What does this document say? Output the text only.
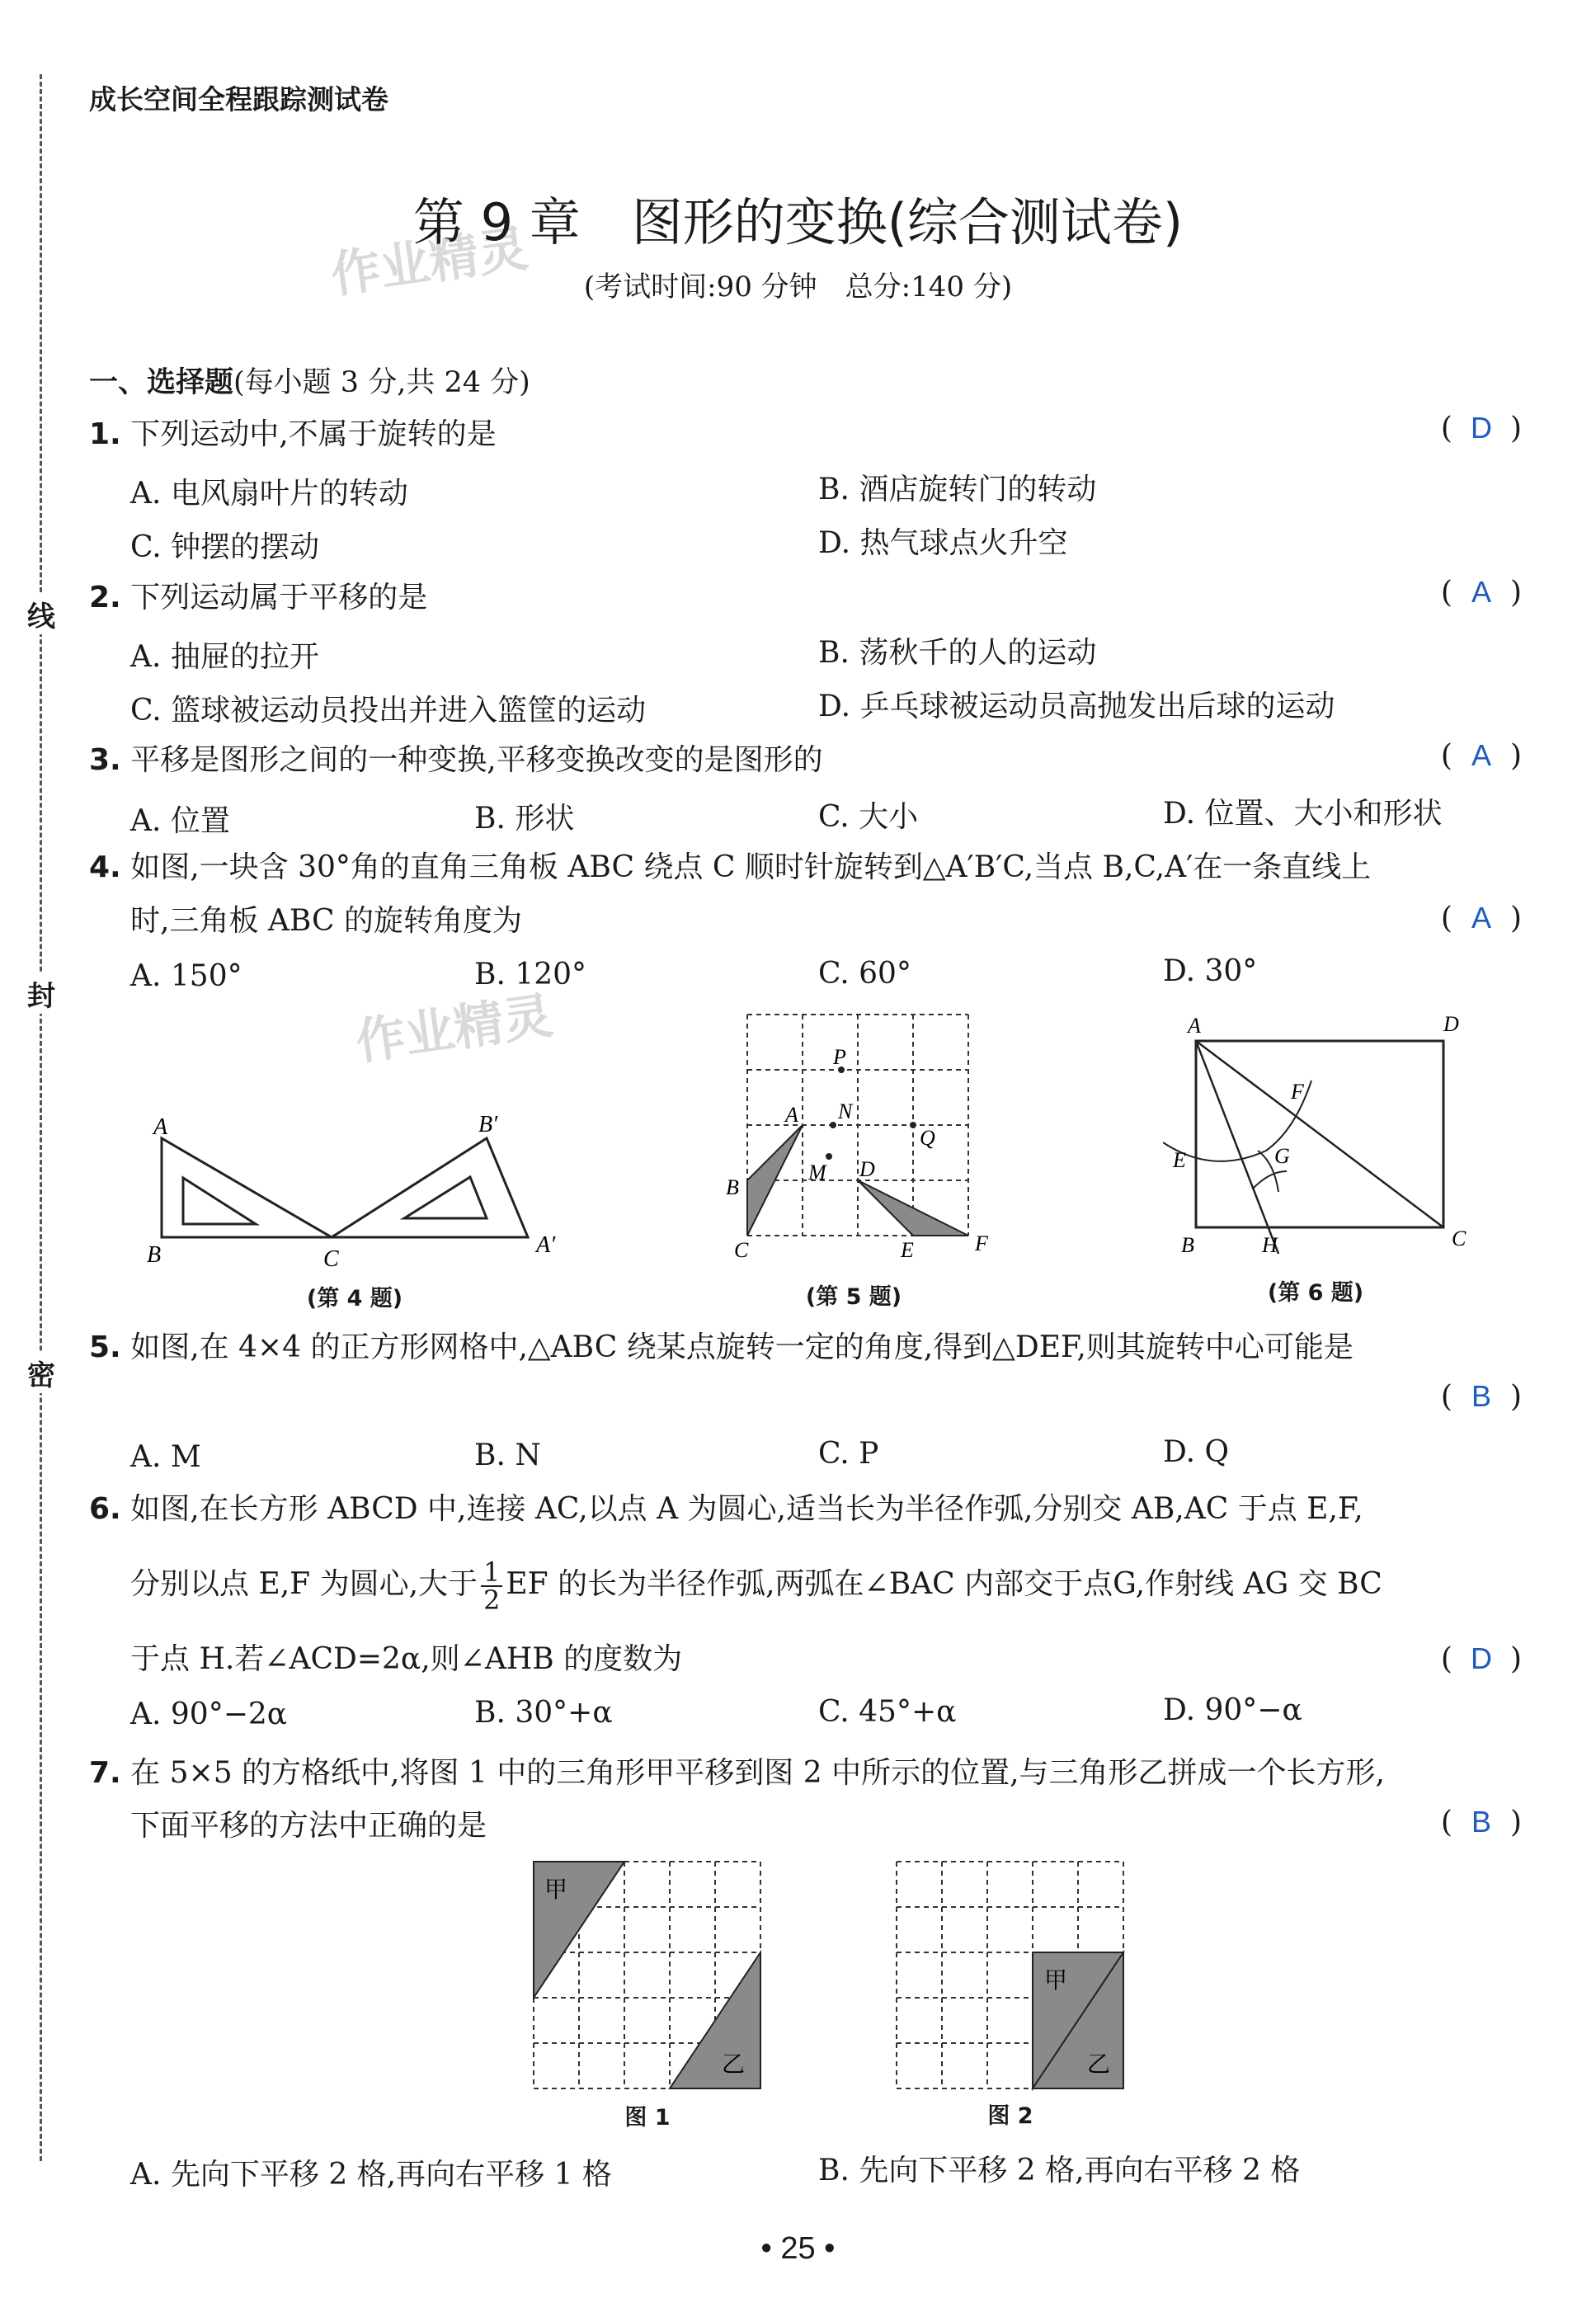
线
封
密
成长空间全程跟踪测试卷
作业精灵
作业精灵
第 9 章　图形的变换(综合测试卷)
(考试时间:90 分钟　总分:140 分)
一、选择题(每小题 3 分,共 24 分)
1. 下列运动中,不属于旋转的是	( D )
A. 电风扇叶片的转动	B. 酒店旋转门的转动
C. 钟摆的摆动	D. 热气球点火升空
2. 下列运动属于平移的是	( A )
A. 抽屉的拉开	B. 荡秋千的人的运动
C. 篮球被运动员投出并进入篮筐的运动	D. 乒乓球被运动员高抛发出后球的运动
3. 平移是图形之间的一种变换,平移变换改变的是图形的	( A )
A. 位置	B. 形状	C. 大小	D. 位置、大小和形状
4. 如图,一块含 30°角的直角三角板 ABC 绕点 C 顺时针旋转到△A′B′C,当点 B,C,A′在一条直线上
时,三角板 ABC 的旋转角度为	( A )
A. 150°	B. 120°	C. 60°	D. 30°
A
B	C
B′
A′
(第 4 题)
P
A N
Q
B
M D
C	E	F
(第 5 题)
A	D
F
E	G
B	H	C
(第 6 题)
5. 如图,在 4×4 的正方形网格中,△ABC 绕某点旋转一定的角度,得到△DEF,则其旋转中心可能是
( B )
A. M	B. N	C. P	D. Q
6. 如图,在长方形 ABCD 中,连接 AC,以点 A 为圆心,适当长为半径作弧,分别交 AB,AC 于点 E,F,
分别以点 E,F 为圆心,大于 $\frac{1}{2}$ EF 的长为半径作弧,两弧在∠BAC 内部交于点G,作射线 AG 交 BC
于点 H.若∠ACD=2α,则∠AHB 的度数为	( D )
A. 90°−2α	B. 30°+α	C. 45°+α	D. 90°−α
7. 在 5×5 的方格纸中,将图 1 中的三角形甲平移到图 2 中所示的位置,与三角形乙拼成一个长方形,
下面平移的方法中正确的是	( B )
甲
乙
图 1
甲
乙
图 2
A. 先向下平移 2 格,再向右平移 1 格	B. 先向下平移 2 格,再向右平移 2 格
• 25 •
